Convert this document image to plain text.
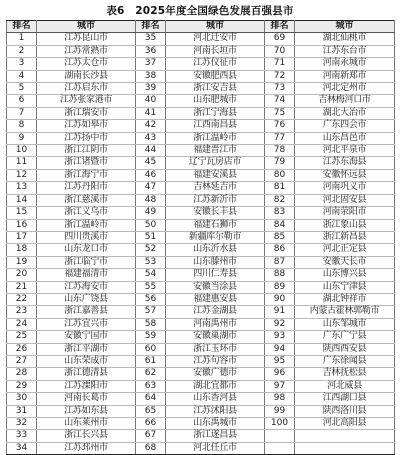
表6　2025年度全国绿色发展百强县市
排名	城市	排名	城市	排名	城市
1	江苏昆山市	35	河北迁安市	69	湖北仙桃市
2	江苏常熟市	36	河南长垣市	70	江苏东台市
3	江苏太仓市	37	江苏仪征市	71	河南永城市
4	湖南长沙县	38	安徽肥西县	72	河南新郑市
5	江苏启东市	39	浙江安吉县	73	河北定州市
6	江苏张家港市	40	山东肥城市	74	吉林梅河口市
7	浙江瑞安市	41	浙江宁海县	75	湖北大冶市
8	江苏如皋市	42	江西南昌县	76	广东四会市
9	江苏扬中市	43	浙江温岭市	77	山东昌邑市
10	浙江江阴市	44	福建晋江市	78	河北平泉市
11	浙江诸暨市	45	辽宁瓦房店市	79	江苏东海县
12	浙江海宁市	46	福建安溪县	80	安徽怀远县
13	江苏丹阳市	47	吉林延吉市	81	河南巩义市
14	浙江慈溪市	48	江苏新沂市	82	河北固安县
15	浙江义乌市	49	安徽长丰县	83	河南荥阳市
16	浙江温岭市	50	福建石狮市	84	浙江象山县
17	四川贵溪市	51	新疆库尔勒市	85	浙江新昌县
18	山东龙口市	52	山东沂水县	86	河北正定县
19	浙江临宁市	53	山东滕州市	87	安徽天长市
20	福建福清市	54	四川仁寿县	88	山东博兴县
21	江苏海安市	55	安徽当涂县	89	山东宁津县
22	山东广饶县	56	福建惠安县	90	湖北钟祥市
23	浙江嘉善县	57	江苏金湖县	91	内蒙古霍林郭勒市
24	江苏宜兴市	58	河南禹州市	92	山东邹城市
25	安徽宁国市	59	安徽巢湖市	93	广东广宁县
26	浙江平湖市	60	浙江玉环市	94	陕西西安县
27	山东荣成市	61	江苏句容市	95	广东徐闻县
28	浙江德清县	62	安徽广德市	96	吉林抚松县
29	江苏溧阳市	63	湖北宜都市	97	河北威县
30	河南长葛市	64	山东香河县	98	江西湖口县
31	江苏如东县	65	江苏沭阳县	99	陕西洛川县
32	山东莱州市	66	山东禹城市	100	河北高阳县
33	浙江长兴县	67	浙江遂昌县		
34	江苏邳州市	68	河北任丘市		
